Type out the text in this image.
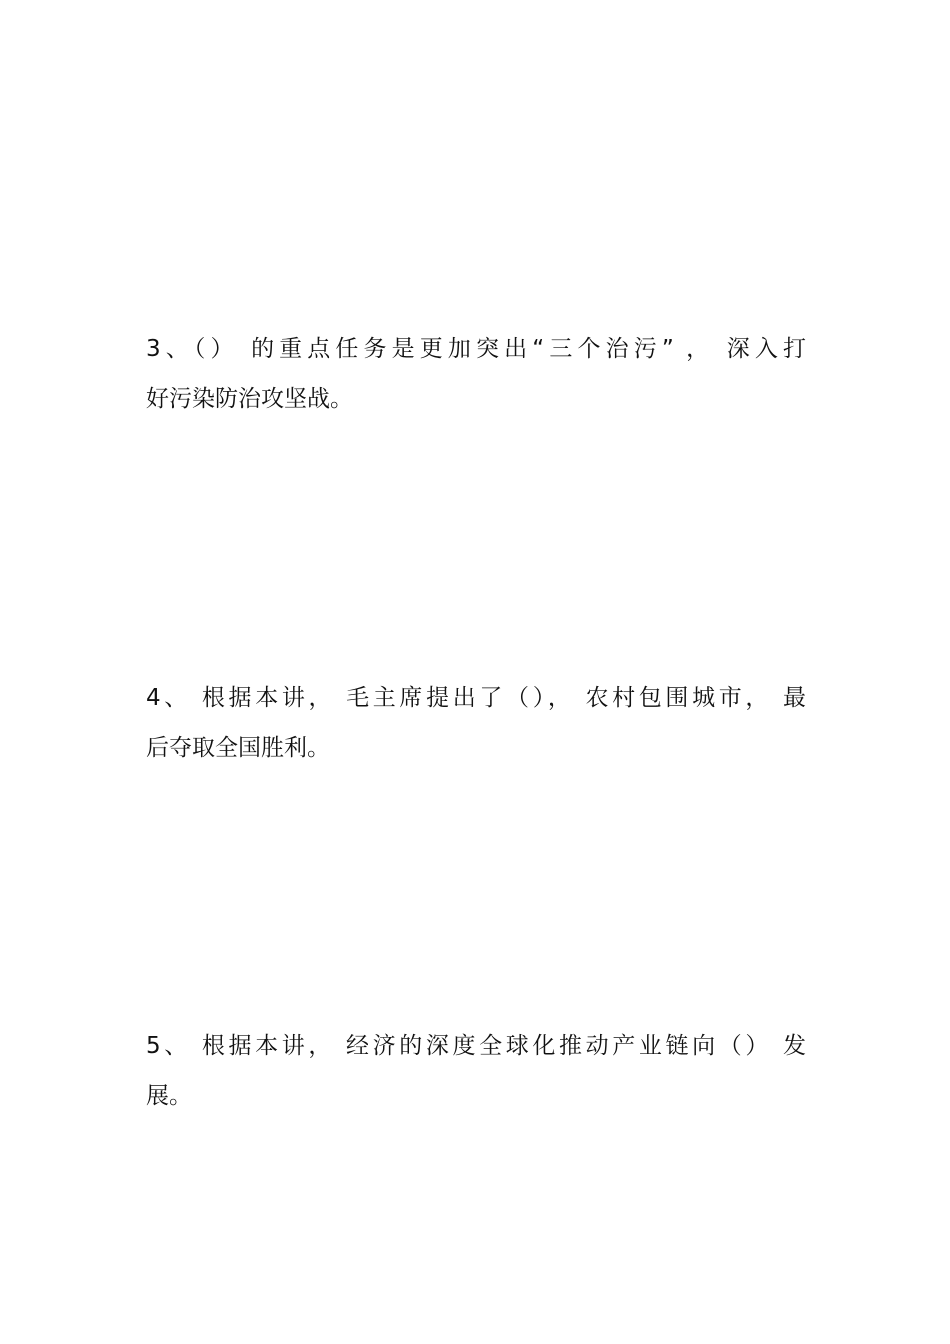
3、（） 的重点任务是更加突出“三个治污” ， 深入打
好污染防治攻坚战。

4、 根据本讲， 毛主席提出了（）， 农村包围城市， 最
后夺取全国胜利。

5、 根据本讲， 经济的深度全球化推动产业链向（） 发
展。
